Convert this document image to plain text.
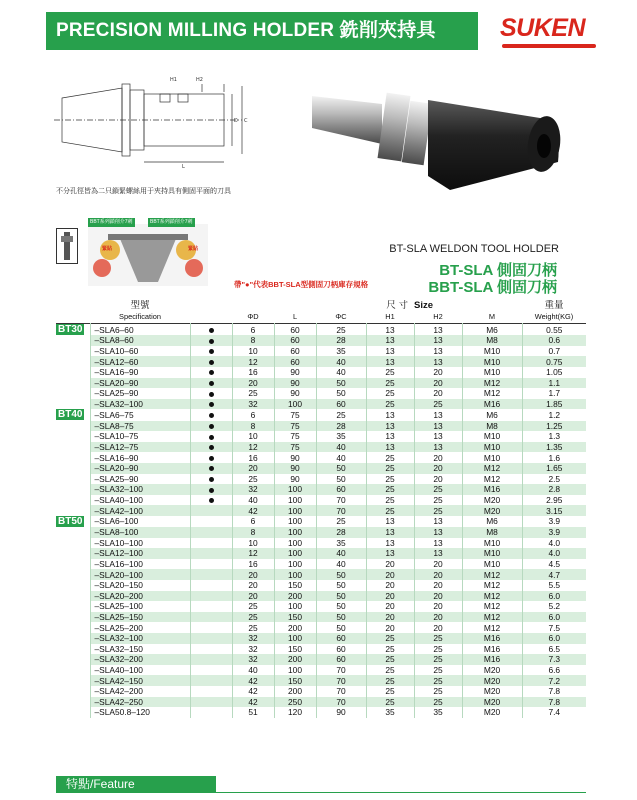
PRECISION MILLING HOLDER 銑削夾持具	SUKEN
H1	H2
L
D C
不分孔徑皆為二只鎖緊螺絲用于夾持具有側固平面的刀具
BBT系列鎖削介7剌	BBT系列鎖削介7剌
緊貼	緊貼	BT-SLA WELDON TOOL HOLDER
BT-SLA 側固刀柄
帶"●"代表BBT-SLA型側固刀柄庫存規格	BBT-SLA 側固刀柄
	型號				尺 寸		Size		重量
	Specification		ΦD	L	ΦC	H1	H2	M	Weight(KG)
BT30	–SLA6–60		6	60	25	13	13	M6	0.55
	–SLA8–60		8	60	28	13	13	M8	0.6
	–SLA10–60		10	60	35	13	13	M10	0.7
	–SLA12–60		12	60	40	13	13	M10	0.75
	–SLA16–90		16	90	40	25	20	M10	1.05
	–SLA20–90		20	90	50	25	20	M12	1.1
	–SLA25–90		25	90	50	25	20	M12	1.7
	–SLA32–100		32	100	60	25	25	M16	1.85
BT40	–SLA6–75		6	75	25	13	13	M6	1.2
	–SLA8–75		8	75	28	13	13	M8	1.25
	–SLA10–75		10	75	35	13	13	M10	1.3
	–SLA12–75		12	75	40	13	13	M10	1.35
	–SLA16–90		16	90	40	25	20	M10	1.6
	–SLA20–90		20	90	50	25	20	M12	1.65
	–SLA25–90		25	90	50	25	20	M12	2.5
	–SLA32–100		32	100	60	25	25	M16	2.8
	–SLA40–100		40	100	70	25	25	M20	2.95
	–SLA42–100		42	100	70	25	25	M20	3.15
BT50	–SLA6–100		6	100	25	13	13	M6	3.9
	–SLA8–100		8	100	28	13	13	M8	3.9
	–SLA10–100		10	100	35	13	13	M10	4.0
	–SLA12–100		12	100	40	13	13	M10	4.0
	–SLA16–100		16	100	40	20	20	M10	4.5
	–SLA20–100		20	100	50	20	20	M12	4.7
	–SLA20–150		20	150	50	20	20	M12	5.5
	–SLA20–200		20	200	50	20	20	M12	6.0
	–SLA25–100		25	100	50	20	20	M12	5.2
	–SLA25–150		25	150	50	20	20	M12	6.0
	–SLA25–200		25	200	50	20	20	M12	7.5
	–SLA32–100		32	100	60	25	25	M16	6.0
	–SLA32–150		32	150	60	25	25	M16	6.5
	–SLA32–200		32	200	60	25	25	M16	7.3
	–SLA40–100		40	100	70	25	25	M20	6.6
	–SLA42–150		42	150	70	25	25	M20	7.2
	–SLA42–200		42	200	70	25	25	M20	7.8
	–SLA42–250		42	250	70	25	25	M20	7.8
	–SLA50.8–120		51	120	90	35	35	M20	7.4
特點/Feature
